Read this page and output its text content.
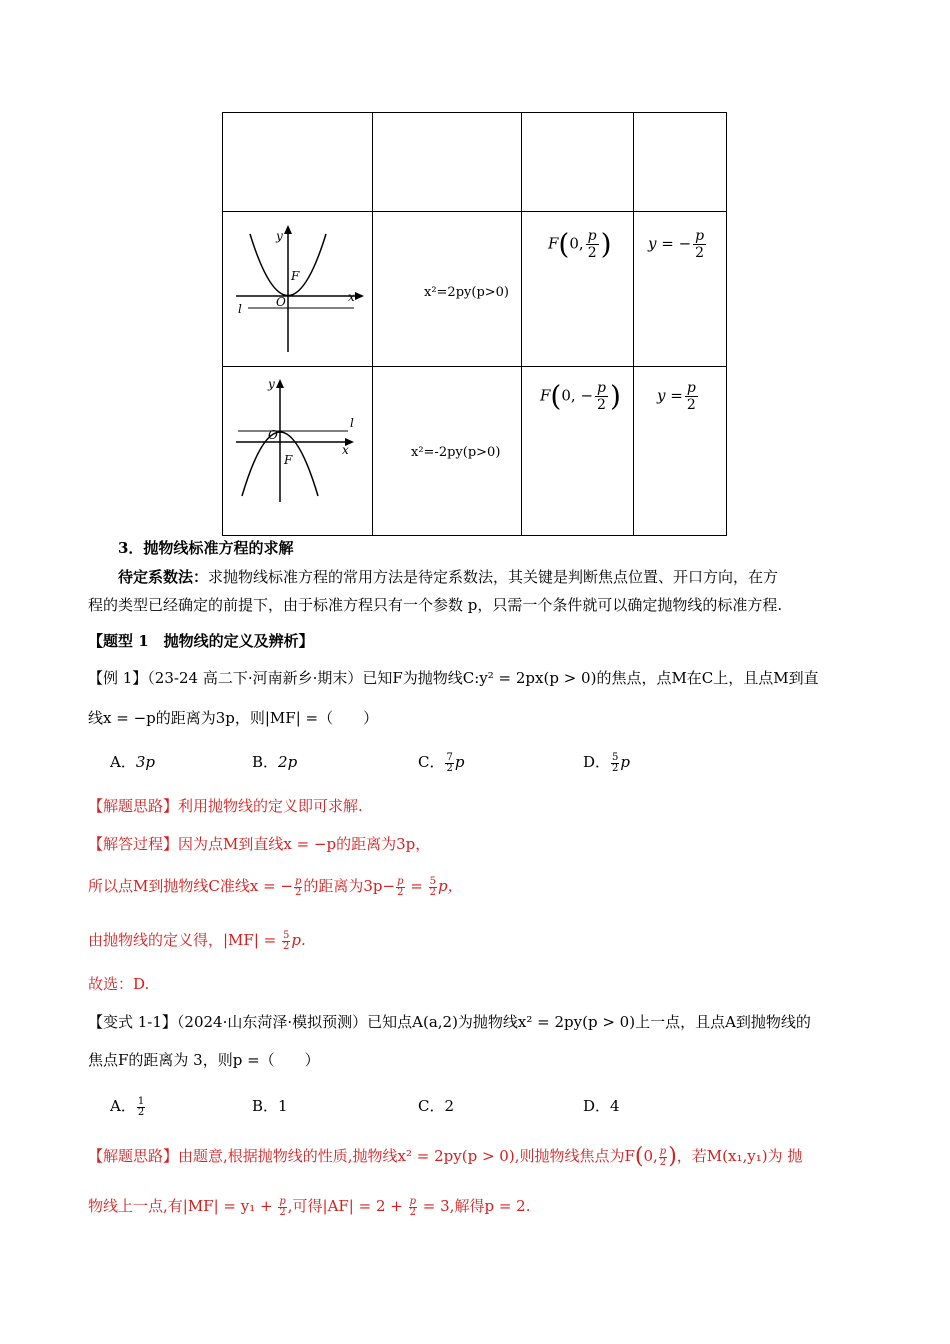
y
x
O
F
l
x²=2py(p>0)
F(0, $\frac{p}{2}$ ) y = − $\frac{p}{2}$
y
x
O
F
l
x²=-2py(p>0)
F(0, − $\frac{p}{2}$ ) $y = \frac{p}{2}$
3．抛物线标准方程的求解
待定系数法：求抛物线标准方程的常用方法是待定系数法，其关键是判断焦点位置、开口方向，在方
程的类型已经确定的前提下，由于标准方程只有一个参数 p，只需一个条件就可以确定抛物线的标准方程.
【题型 1　抛物线的定义及辨析】
【例 1】（23-24 高二下·河南新乡·期末）已知F为抛物线C:y² = 2px(p > 0)的焦点，点M在C上，且点M到直
线x = −p的距离为3p，则|MF| =（　　）
A．3p	B．2p	C． $\frac{7}{2}$ p	D． $\frac{5}{2}$ p
【解题思路】利用抛物线的定义即可求解.
【解答过程】因为点M到直线x = −p的距离为3p，
所以点M到抛物线C准线x = − $\frac{p}{2}$ 的距离为$3p- \frac{p}{2} = \frac{5}{2}$ p，
由抛物线的定义得，$|MF| = \frac{5}{2} p$.
故选：D.
【变式 1-1】（2024·山东菏泽·模拟预测）已知点A(a,2)为抛物线x² = 2py(p > 0)上一点，且点A到抛物线的
焦点F的距离为 3，则p =（　　）
A． $\frac{1}{2}$	B．1	C．2	D．4
【解题思路】由题意,根据抛物线的性质,抛物线x² = 2py(p > 0),则抛物线焦点为F(0, $\frac{p}{2}$ )，若M(x₁,y₁)为 抛
物线上一点,有$|MF| = y_1 + \frac{p}{2}$ ,可得$|AF| = 2 + \frac{p}{2} = 3$,解得p = 2.
